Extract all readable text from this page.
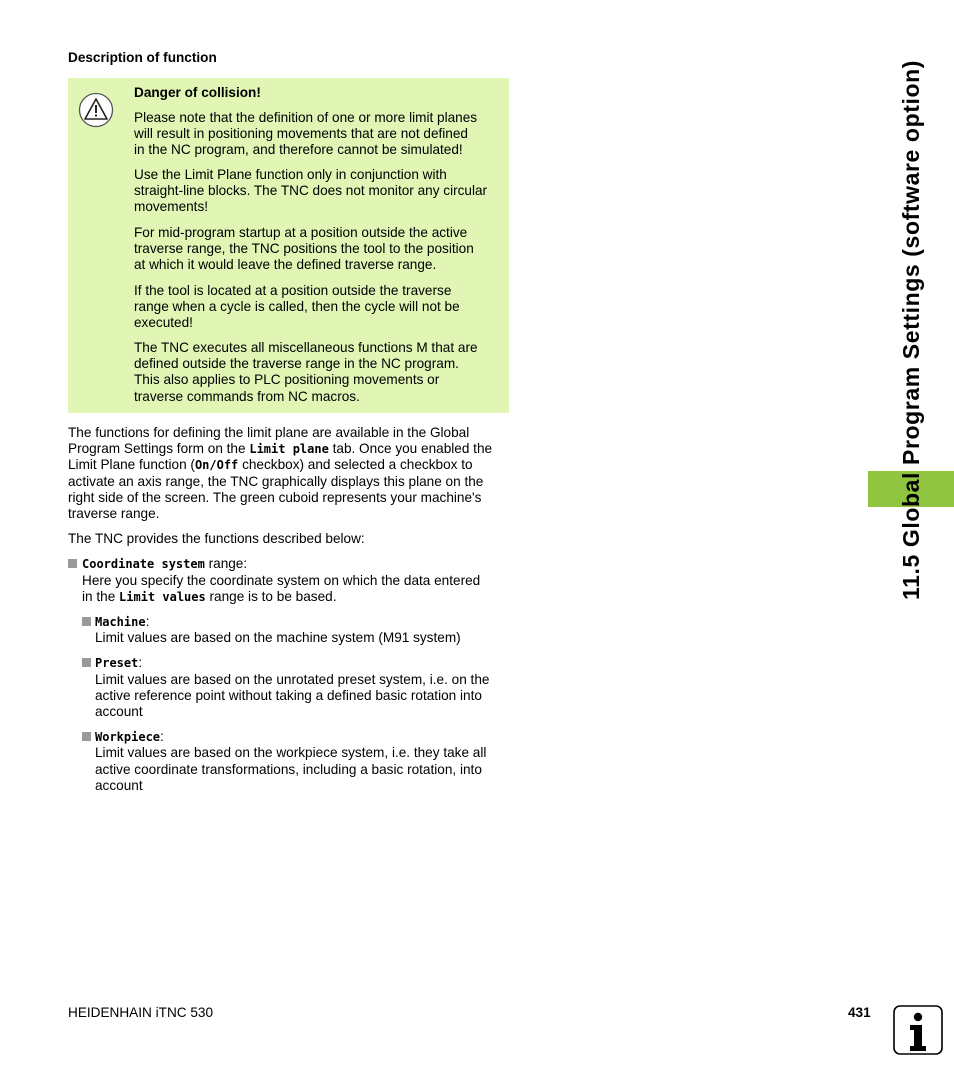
Description of function
Danger of collision!
Please note that the definition of one or more limit planes
will result in positioning movements that are not defined
in the NC program, and therefore cannot be simulated!
Use the Limit Plane function only in conjunction with
straight-line blocks. The TNC does not monitor any circular
movements!
For mid-program startup at a position outside the active
traverse range, the TNC positions the tool to the position
at which it would leave the defined traverse range.
If the tool is located at a position outside the traverse
range when a cycle is called, then the cycle will not be
executed!
The TNC executes all miscellaneous functions M that are
defined outside the traverse range in the NC program.
This also applies to PLC positioning movements or
traverse commands from NC macros.

The functions for defining the limit plane are available in the Global
Program Settings form on the Limit plane tab. Once you enabled the
Limit Plane function (On/Off checkbox) and selected a checkbox to
activate an axis range, the TNC graphically displays this plane on the
right side of the screen. The green cuboid represents your machine's
traverse range.

The TNC provides the functions described below:

Coordinate system range:
Here you specify the coordinate system on which the data entered
in the Limit values range is to be based.
Machine:
Limit values are based on the machine system (M91 system)
Preset:
Limit values are based on the unrotated preset system, i.e. on the
active reference point without taking a defined basic rotation into
account
Workpiece:
Limit values are based on the workpiece system, i.e. they take all
active coordinate transformations, including a basic rotation, into
account
11.5 Global Program Settings (software option)
HEIDENHAIN iTNC 530	431
